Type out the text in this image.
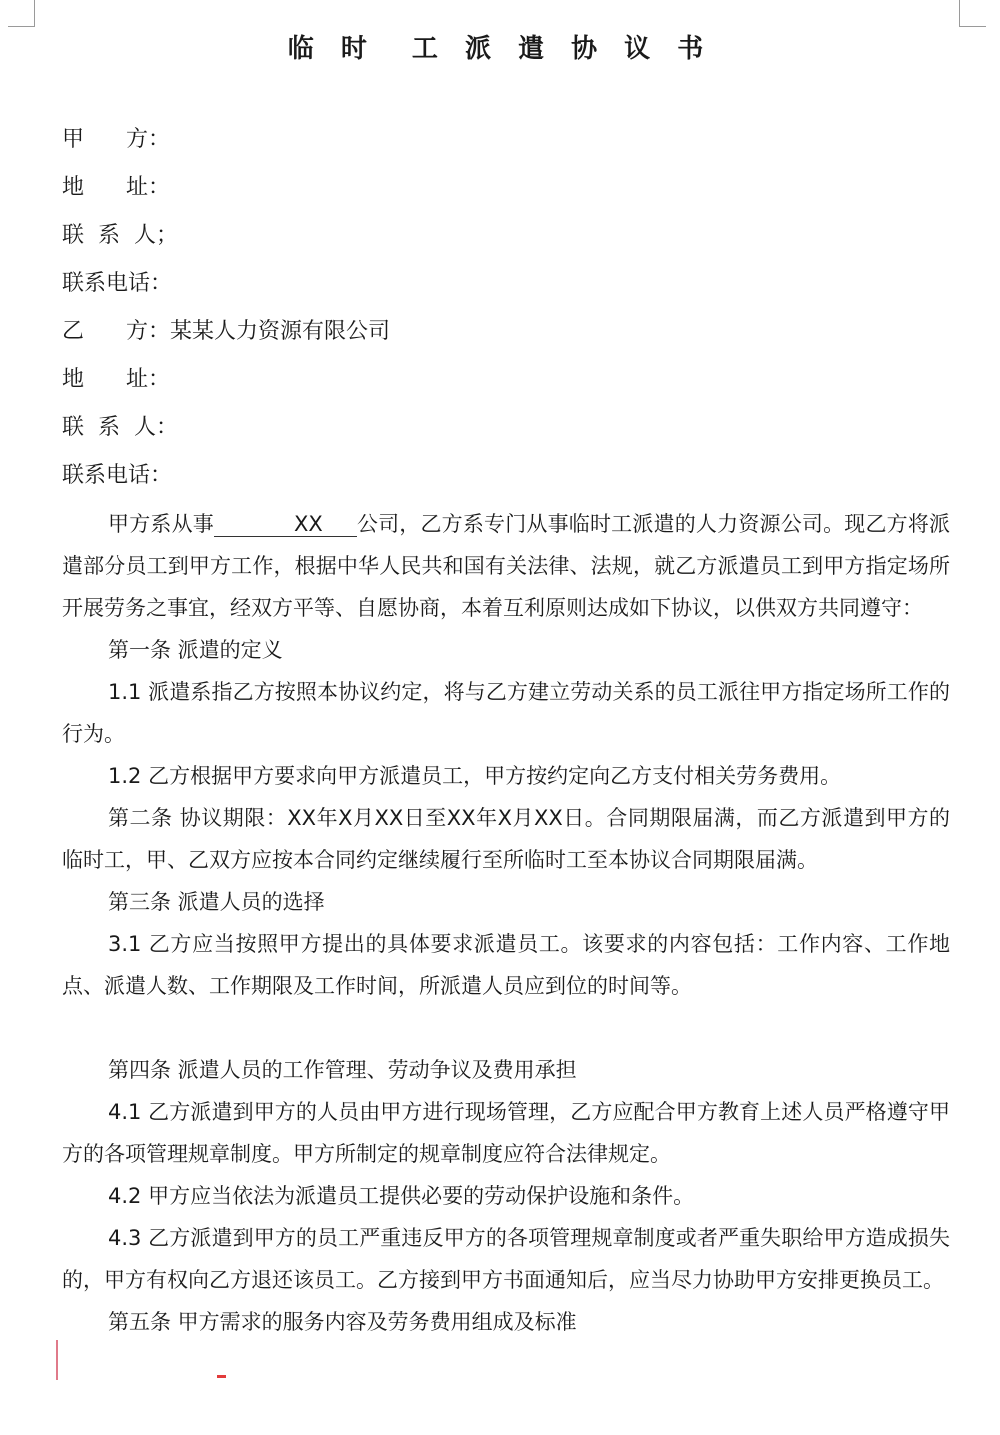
临 时  工 派 遣 协 议 书

甲      方：

地      址：

联  系  人；

联系电话：

乙      方：某某人力资源有限公司

地      址：

联  系  人：

联系电话：

甲方系从事	XX 公司，乙方系专门从事临时工派遣的人力资源公司。现乙方将派遣部分员工到甲方工作，根据中华人民共和国有关法律、法规，就乙方派遣员工到甲方指定场所开展劳务之事宜，经双方平等、自愿协商，本着互利原则达成如下协议，以供双方共同遵守：

第一条 派遣的定义

1.1 派遣系指乙方按照本协议约定，将与乙方建立劳动关系的员工派往甲方指定场所工作的行为。

1.2 乙方根据甲方要求向甲方派遣员工，甲方按约定向乙方支付相关劳务费用。

第二条 协议期限：XX年X月XX日至XX年X月XX日。合同期限届满，而乙方派遣到甲方的临时工，甲、乙双方应按本合同约定继续履行至所临时工至本协议合同期限届满。

第三条 派遣人员的选择

3.1 乙方应当按照甲方提出的具体要求派遣员工。该要求的内容包括：工作内容、工作地点、派遣人数、工作期限及工作时间，所派遣人员应到位的时间等。

第四条 派遣人员的工作管理、劳动争议及费用承担

4.1 乙方派遣到甲方的人员由甲方进行现场管理，乙方应配合甲方教育上述人员严格遵守甲方的各项管理规章制度。甲方所制定的规章制度应符合法律规定。

4.2 甲方应当依法为派遣员工提供必要的劳动保护设施和条件。

4.3 乙方派遣到甲方的员工严重违反甲方的各项管理规章制度或者严重失职给甲方造成损失的，甲方有权向乙方退还该员工。乙方接到甲方书面通知后，应当尽力协助甲方安排更换员工。

第五条 甲方需求的服务内容及劳务费用组成及标准
